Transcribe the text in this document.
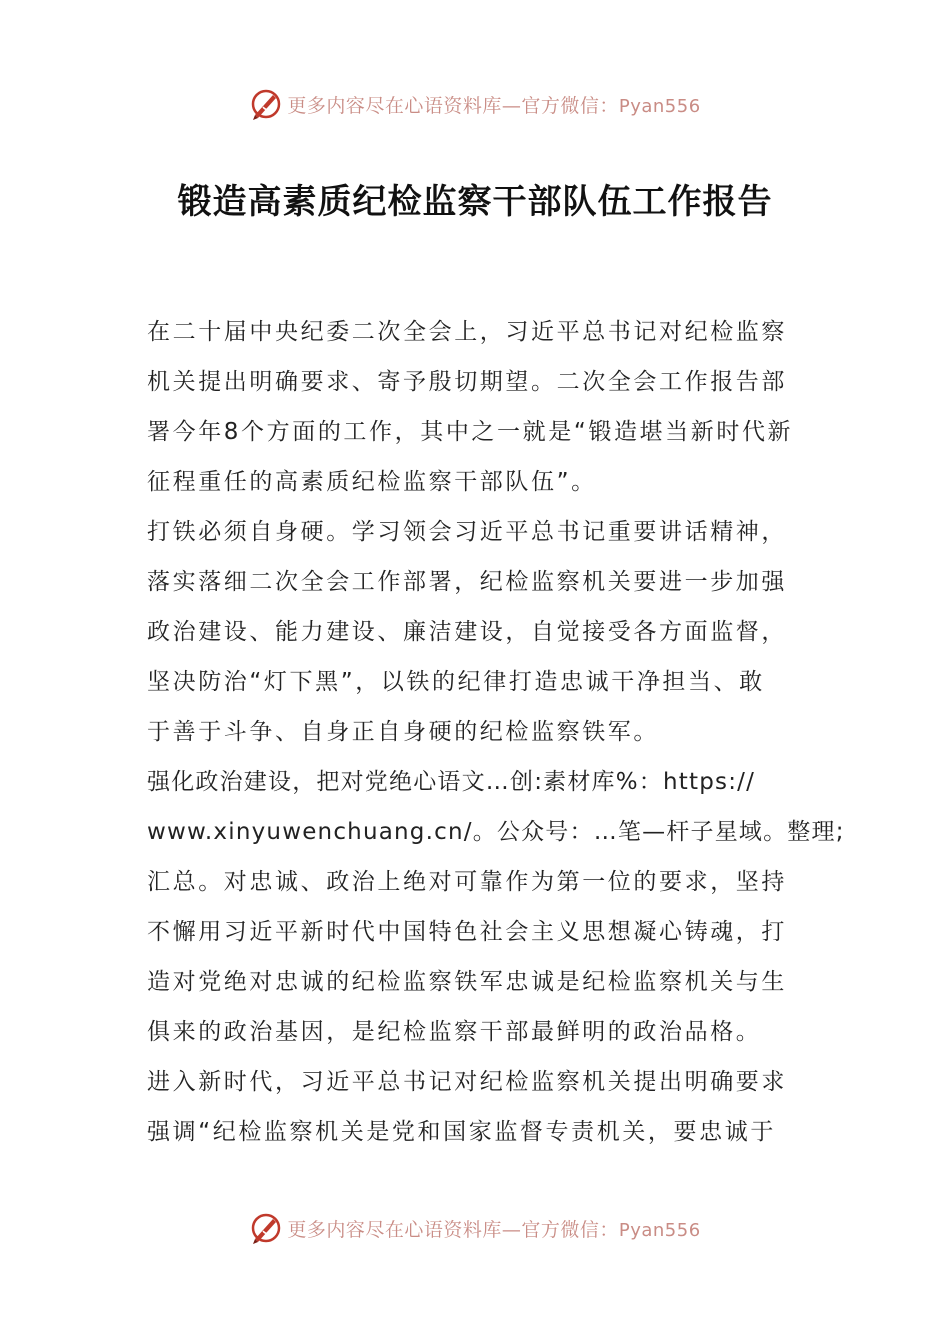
更多内容尽在心语资料库—官方微信：Pyan556
锻造高素质纪检监察干部队伍工作报告
在二十届中央纪委二次全会上，习近平总书记对纪检监察
机关提出明确要求、寄予殷切期望。二次全会工作报告部
署今年8个方面的工作，其中之一就是“锻造堪当新时代新
征程重任的高素质纪检监察干部队伍”。
打铁必须自身硬。学习领会习近平总书记重要讲话精神，
落实落细二次全会工作部署，纪检监察机关要进一步加强
政治建设、能力建设、廉洁建设，自觉接受各方面监督，
坚决防治“灯下黑”，以铁的纪律打造忠诚干净担当、敢
于善于斗争、自身正自身硬的纪检监察铁军。
强化政治建设，把对党绝心语文…创:素材库%：https://
www.xinyuwenchuang.cn/。公众号：…笔—杆子星域。整理;
汇总。对忠诚、政治上绝对可靠作为第一位的要求，坚持
不懈用习近平新时代中国特色社会主义思想凝心铸魂，打
造对党绝对忠诚的纪检监察铁军忠诚是纪检监察机关与生
俱来的政治基因，是纪检监察干部最鲜明的政治品格。
进入新时代，习近平总书记对纪检监察机关提出明确要求
强调“纪检监察机关是党和国家监督专责机关，要忠诚于
更多内容尽在心语资料库—官方微信：Pyan556
